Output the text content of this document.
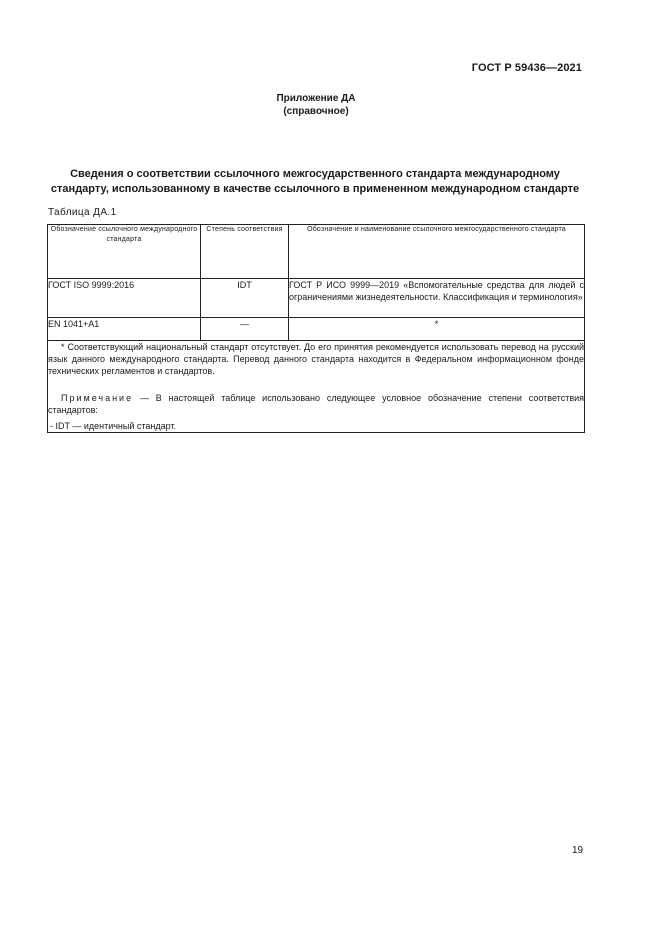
ГОСТ Р 59436—2021
Приложение ДА
(справочное)
Сведения о соответствии ссылочного межгосударственного стандарта международному
стандарту, использованному в качестве ссылочного в примененном международном стандарте
Таблица ДА.1
Обозначение ссылочного международного стандарта	Степень соответствия	Обозначение и наименование ссылочного межгосударственного стандарта
ГОСТ ISO 9999:2016	IDT	ГОСТ Р ИСО 9999—2019 «Вспомогательные средства для людей с ограничениями жизнедеятельности. Классификация и терминология»
EN 1041+A1	—	*

* Соответствующий национальный стандарт отсутствует. До его принятия рекомендуется использовать перевод на русский язык данного международного стандарта. Перевод данного стандарта находится в Федеральном информационном фонде технических регламентов и стандартов.

Примечание — В настоящей таблице использовано следующее условное обозначение степени соответствия стандартов:

- IDT — идентичный стандарт.		

19
